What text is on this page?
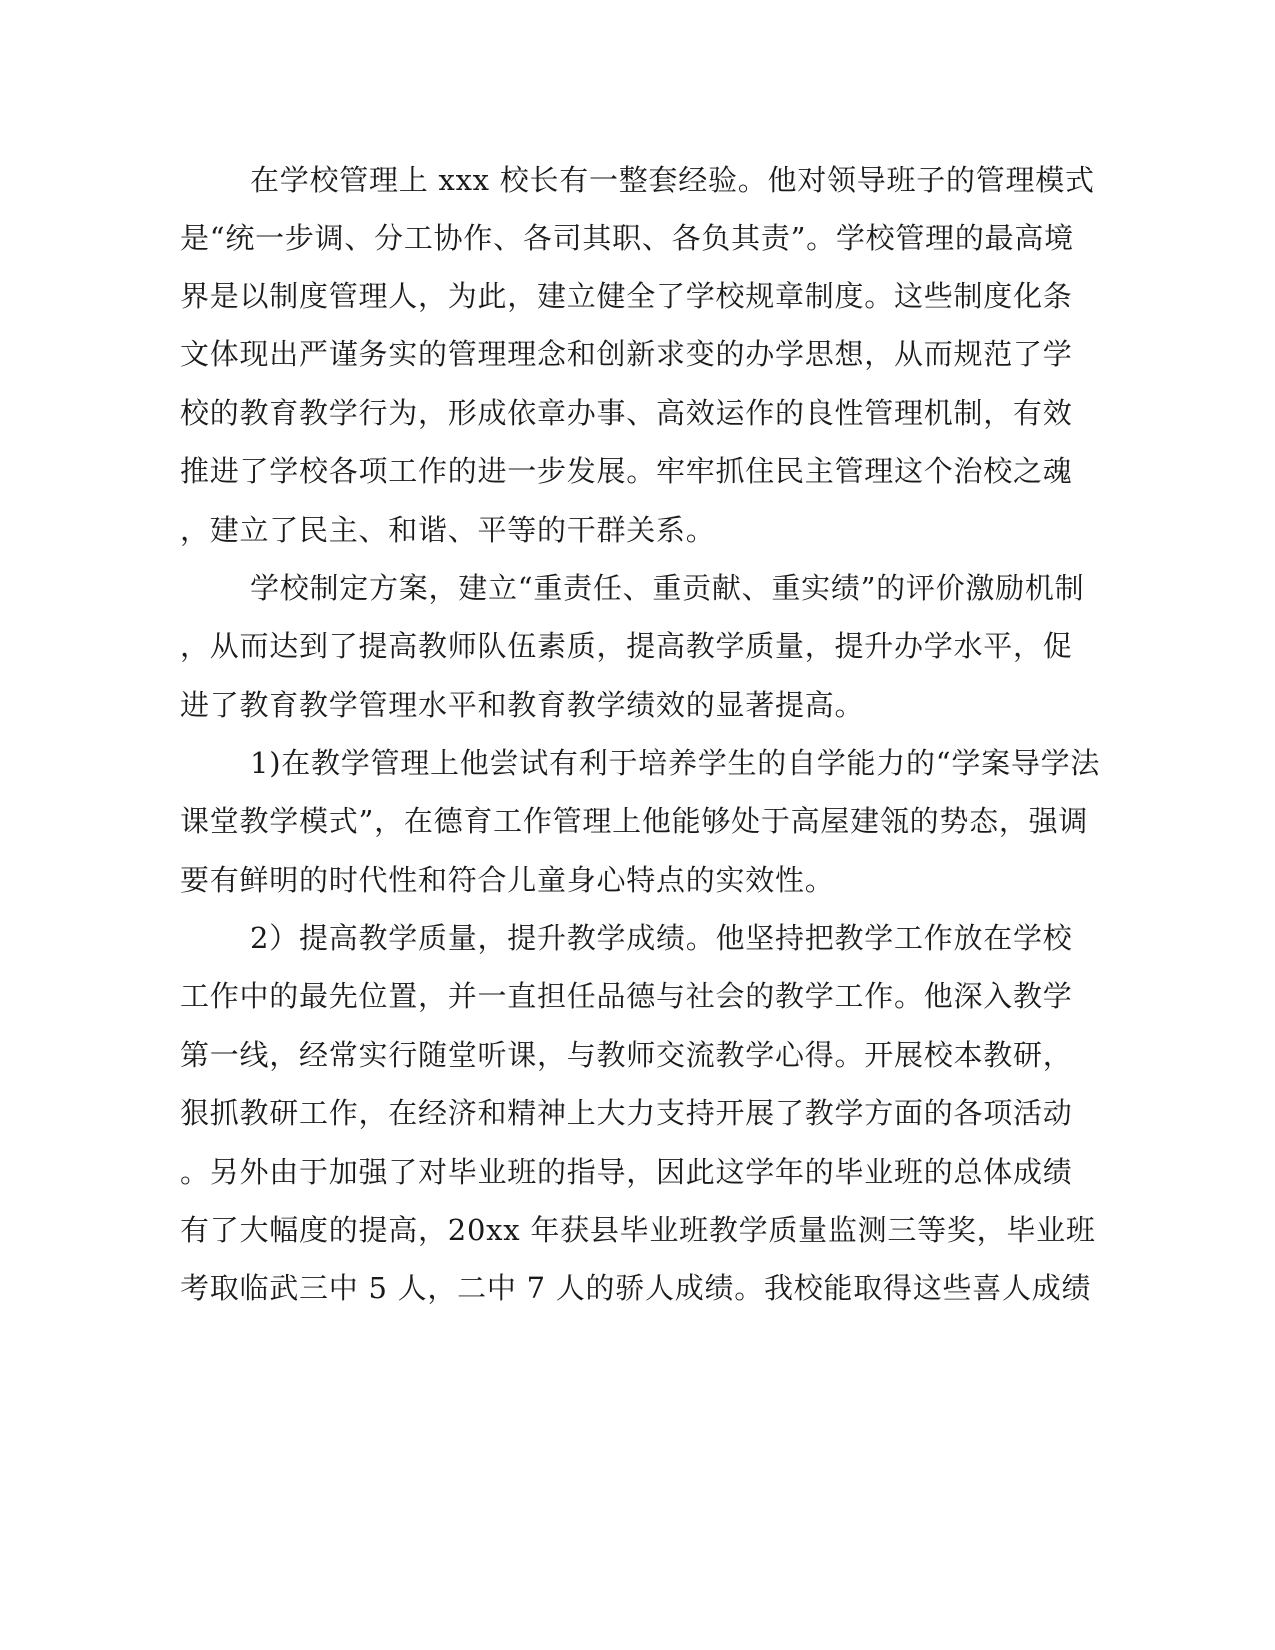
在学校管理上 xxx 校长有一整套经验。他对领导班子的管理模式
是“统一步调、分工协作、各司其职、各负其责”。学校管理的最高境
界是以制度管理人，为此，建立健全了学校规章制度。这些制度化条
文体现出严谨务实的管理理念和创新求变的办学思想，从而规范了学
校的教育教学行为，形成依章办事、高效运作的良性管理机制，有效
推进了学校各项工作的进一步发展。牢牢抓住民主管理这个治校之魂
，建立了民主、和谐、平等的干群关系。
学校制定方案，建立“重责任、重贡献、重实绩”的评价激励机制
，从而达到了提高教师队伍素质，提高教学质量，提升办学水平，促
进了教育教学管理水平和教育教学绩效的显著提高。
1)在教学管理上他尝试有利于培养学生的自学能力的“学案导学法
课堂教学模式”，在德育工作管理上他能够处于高屋建瓴的势态，强调
要有鲜明的时代性和符合儿童身心特点的实效性。
2）提高教学质量，提升教学成绩。他坚持把教学工作放在学校
工作中的最先位置，并一直担任品德与社会的教学工作。他深入教学
第一线，经常实行随堂听课，与教师交流教学心得。开展校本教研，
狠抓教研工作，在经济和精神上大力支持开展了教学方面的各项活动
。另外由于加强了对毕业班的指导，因此这学年的毕业班的总体成绩
有了大幅度的提高，20xx 年获县毕业班教学质量监测三等奖，毕业班
考取临武三中 5 人，二中 7 人的骄人成绩。我校能取得这些喜人成绩
